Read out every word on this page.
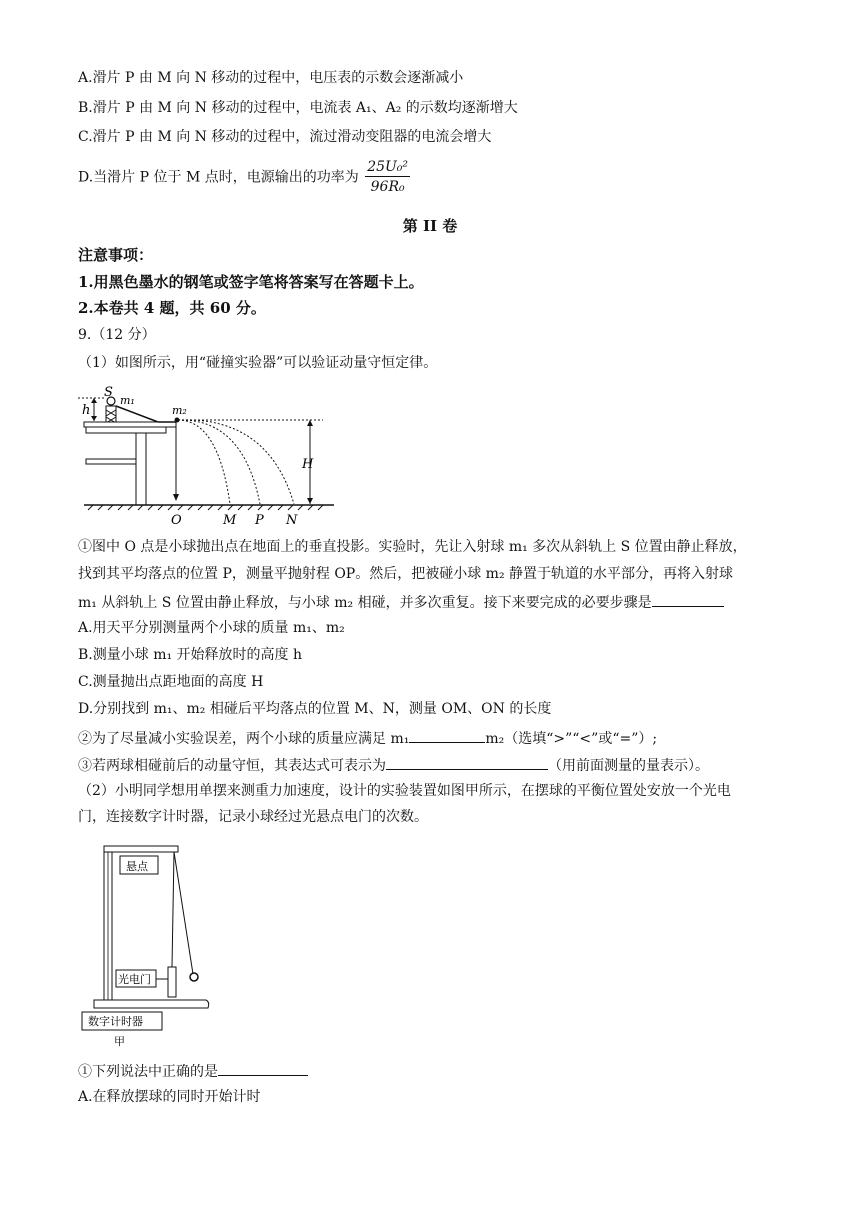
A.滑片 P 由 M 向 N 移动的过程中，电压表的示数会逐渐减小
B.滑片 P 由 M 向 N 移动的过程中，电流表 A₁、A₂ 的示数均逐渐增大
C.滑片 P 由 M 向 N 移动的过程中，流过滑动变阻器的电流会增大
D.当滑片 P 位于 M 点时，电源输出的功率为 $\frac{\text{25U₀²}}{\text{96R₀}}$
第 II 卷
注意事项：
1.用黑色墨水的钢笔或签字笔将答案写在答题卡上。
2.本卷共 4 题，共 60 分。
9.（12 分）
（1）如图所示，用“碰撞实验器”可以验证动量守恒定律。
h
S
m₁
m₂
H
O	M P N
①图中 O 点是小球抛出点在地面上的垂直投影。实验时，先让入射球 m₁ 多次从斜轨上 S 位置由静止释放，
找到其平均落点的位置 P，测量平抛射程 OP。然后，把被碰小球 m₂ 静置于轨道的水平部分，再将入射球
m₁ 从斜轨上 S 位置由静止释放，与小球 m₂ 相碰，并多次重复。接下来要完成的必要步骤是
A.用天平分别测量两个小球的质量 m₁、m₂
B.测量小球 m₁ 开始释放时的高度 h
C.测量抛出点距地面的高度 H
D.分别找到 m₁、m₂ 相碰后平均落点的位置 M、N，测量 OM、ON 的长度
②为了尽量减小实验误差，两个小球的质量应满足 m₁	m₂（选填“>”“<”或“=”）;
③若两球相碰前后的动量守恒，其表达式可表示为	（用前面测量的量表示）。
（2）小明同学想用单摆来测重力加速度，设计的实验装置如图甲所示，在摆球的平衡位置处安放一个光电
门，连接数字计时器，记录小球经过光悬点电门的次数。
悬点
光电门
数字计时器
甲
①下列说法中正确的是
A.在释放摆球的同时开始计时
